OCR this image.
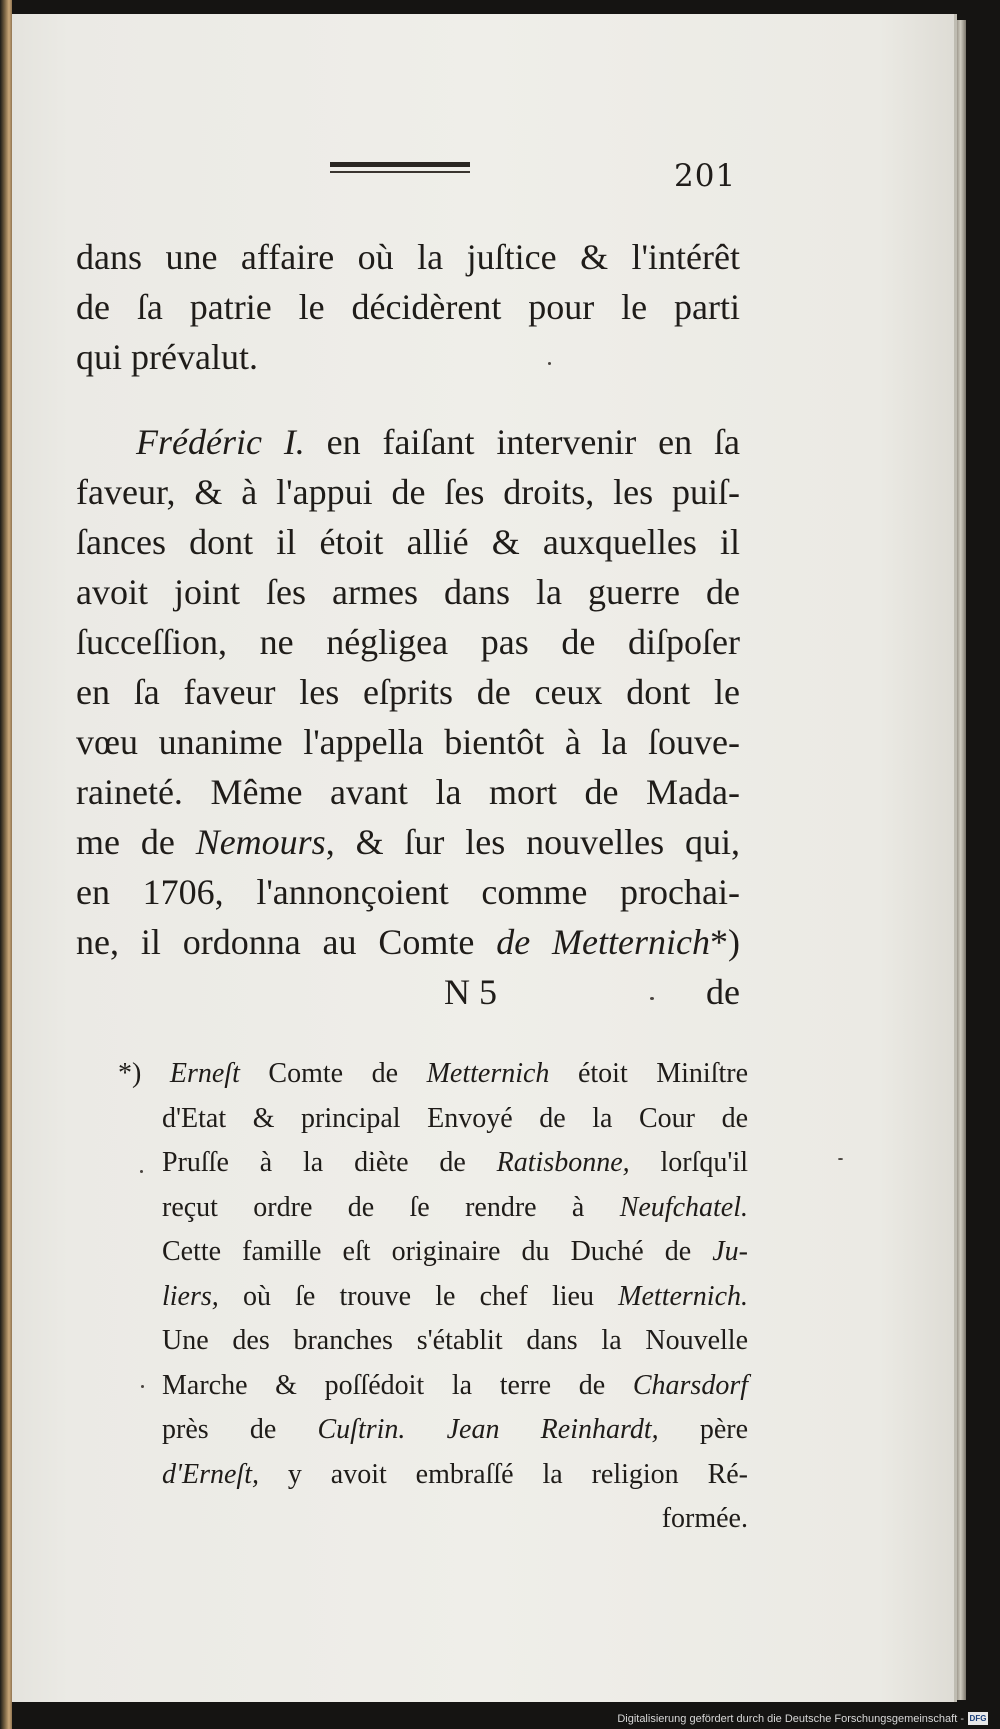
201
dans une affaire où la juſtice & l'intérêt
de ſa patrie le décidèrent pour le parti
qui prévalut.
Frédéric I. en faiſant intervenir en ſa
faveur, & à l'appui de ſes droits, les puiſ-
ſances dont il étoit allié & auxquelles il
avoit joint ſes armes dans la guerre de
ſucceſſion, ne négligea pas de diſpoſer
en ſa faveur les eſprits de ceux dont le
vœu unanime l'appella bientôt à la ſouve-
raineté. Même avant la mort de Mada-
me de Nemours, & ſur les nouvelles qui,
en 1706, l'annonçoient comme prochai-
ne, il ordonna au Comte de Metternich*)
N 5	de
*) Erneſt Comte de Metternich étoit Miniſtre
d'Etat & principal Envoyé de la Cour de
Pruſſe à la diète de Ratisbonne, lorſqu'il
reçut ordre de ſe rendre à Neufchatel.
Cette famille eſt originaire du Duché de Ju-
liers, où ſe trouve le chef lieu Metternich.
Une des branches s'établit dans la Nouvelle
Marche & poſſédoit la terre de Charsdorf
près de Cuſtrin. Jean Reinhardt, père
d'Erneſt, y avoit embraſſé la religion Ré-
formée.
Digitalisierung gefördert durch die Deutsche Forschungsgemeinschaft - DFG
